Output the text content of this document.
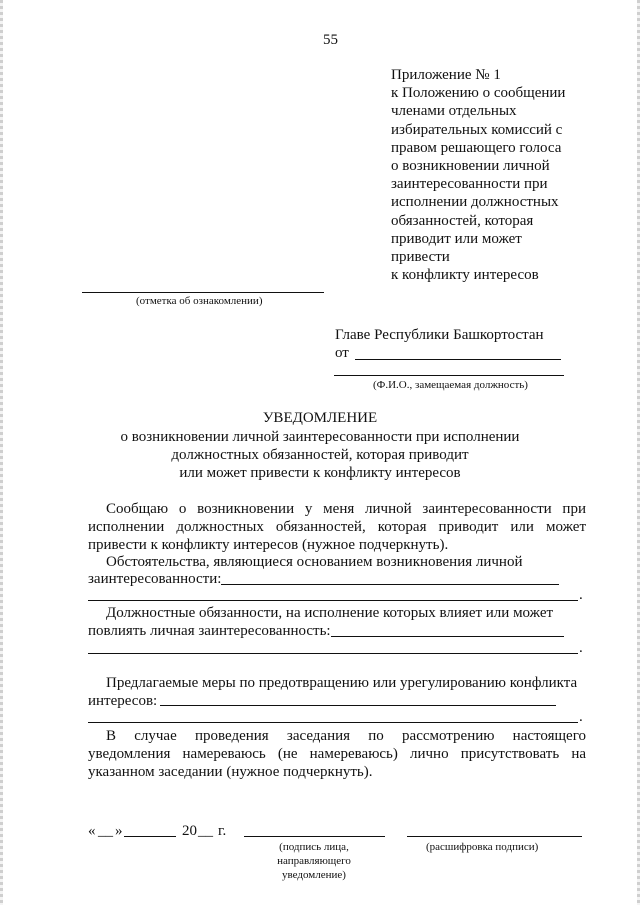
55
Приложение № 1
к Положению о сообщении
членами отдельных
избирательных комиссий с
правом решающего голоса
о возникновении личной
заинтересованности при
исполнении должностных
обязанностей, которая
приводит или может
привести
к конфликту интересов
(отметка об ознакомлении)
Главе Республики Башкортостан
от
(Ф.И.О., замещаемая должность)
УВЕДОМЛЕНИЕ
о возникновении личной заинтересованности при исполнении
должностных обязанностей, которая приводит
или может привести к конфликту интересов
Сообщаю о возникновении у меня личной заинтересованности при
исполнении должностных обязанностей, которая приводит или может
привести к конфликту интересов (нужное подчеркнуть).
Обстоятельства, являющиеся основанием возникновения личной
заинтересованности:
.
Должностные обязанности, на исполнение которых влияет или может
повлиять личная заинтересованность:
.
Предлагаемые меры по предотвращению или урегулированию конфликта
интересов:
.
В случае проведения заседания по рассмотрению настоящего
уведомления намереваюсь (не намереваюсь) лично присутствовать на
указанном заседании (нужное подчеркнуть).
« __ »	20 __ г.
(подпись лица,
направляющего
уведомление)
(расшифровка подписи)
